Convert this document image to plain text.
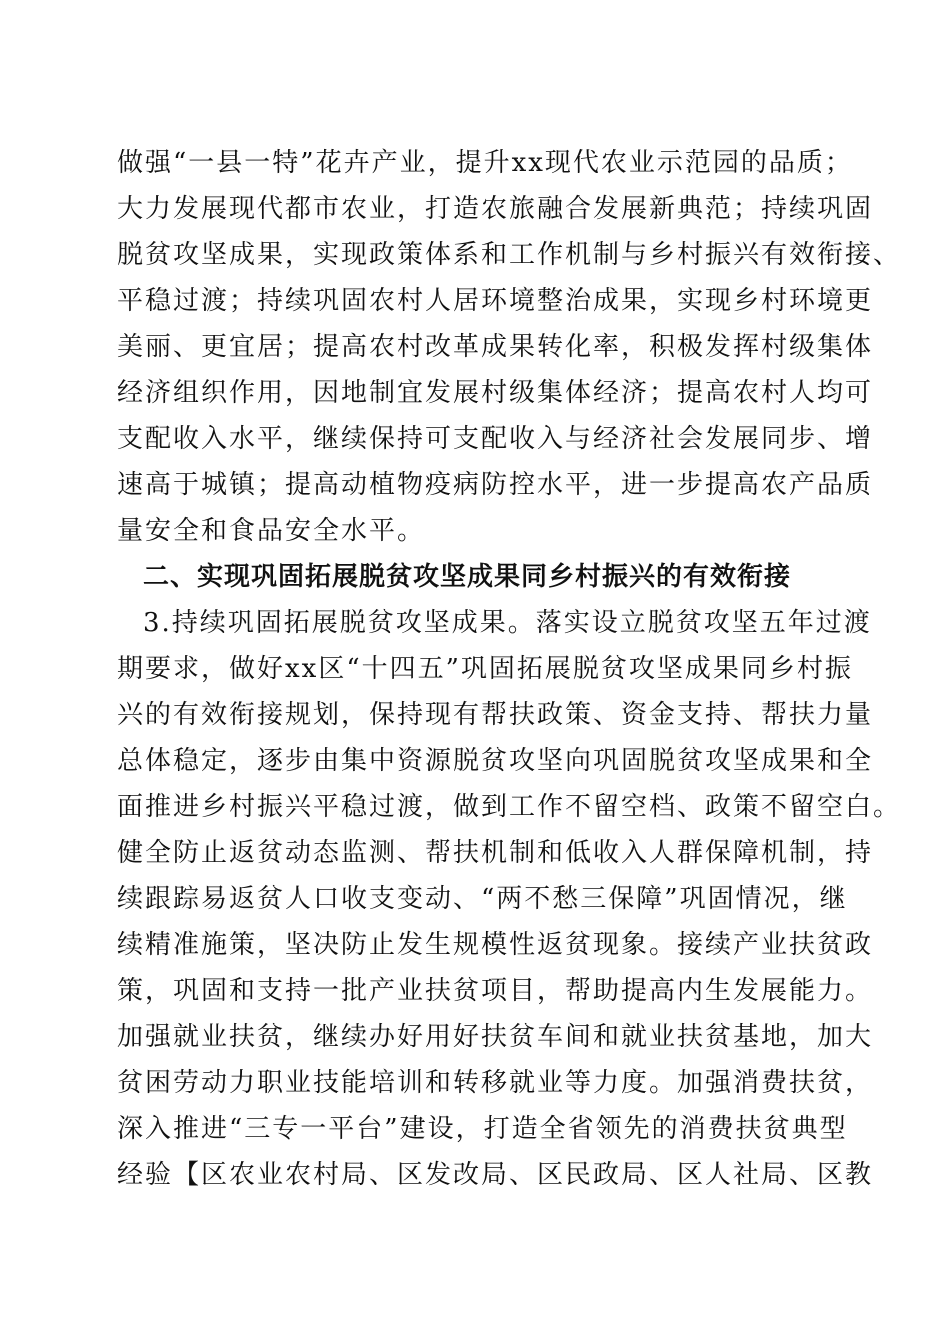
做强“一县一特”花卉产业，提升xx现代农业示范园的品质；
大力发展现代都市农业，打造农旅融合发展新典范；持续巩固
脱贫攻坚成果，实现政策体系和工作机制与乡村振兴有效衔接、
平稳过渡；持续巩固农村人居环境整治成果，实现乡村环境更
美丽、更宜居；提高农村改革成果转化率，积极发挥村级集体
经济组织作用，因地制宜发展村级集体经济；提高农村人均可
支配收入水平，继续保持可支配收入与经济社会发展同步、增
速高于城镇；提高动植物疫病防控水平，进一步提高农产品质
量安全和食品安全水平。
二、实现巩固拓展脱贫攻坚成果同乡村振兴的有效衔接
3.持续巩固拓展脱贫攻坚成果。落实设立脱贫攻坚五年过渡
期要求，做好xx区“十四五”巩固拓展脱贫攻坚成果同乡村振
兴的有效衔接规划，保持现有帮扶政策、资金支持、帮扶力量
总体稳定，逐步由集中资源脱贫攻坚向巩固脱贫攻坚成果和全
面推进乡村振兴平稳过渡，做到工作不留空档、政策不留空白。
健全防止返贫动态监测、帮扶机制和低收入人群保障机制，持
续跟踪易返贫人口收支变动、“两不愁三保障”巩固情况，继
续精准施策，坚决防止发生规模性返贫现象。接续产业扶贫政
策，巩固和支持一批产业扶贫项目，帮助提高内生发展能力。
加强就业扶贫，继续办好用好扶贫车间和就业扶贫基地，加大
贫困劳动力职业技能培训和转移就业等力度。加强消费扶贫，
深入推进“三专一平台”建设，打造全省领先的消费扶贫典型
经验【区农业农村局、区发改局、区民政局、区人社局、区教
